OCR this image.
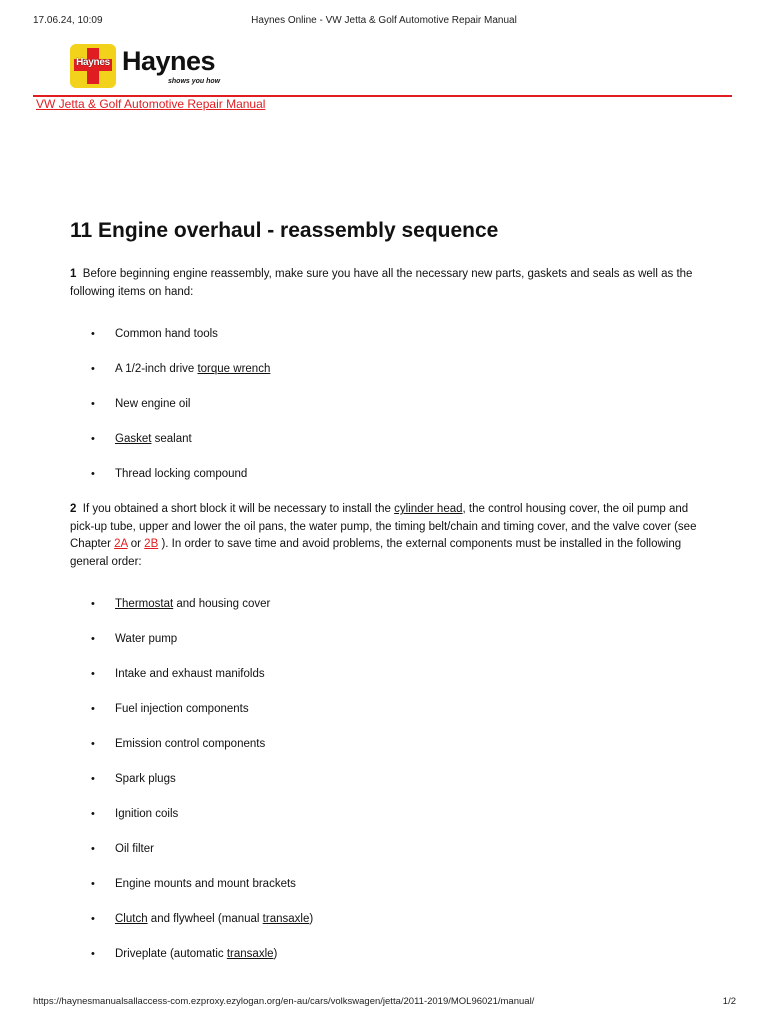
17.06.24, 10:09	Haynes Online - VW Jetta & Golf Automotive Repair Manual
Haynes Haynes
shows you how
VW Jetta & Golf Automotive Repair Manual
11 Engine overhaul - reassembly sequence

1 Before beginning engine reassembly, make sure you have all the necessary new parts, gaskets and seals as well as the following items on hand:

• Common hand tools
• A 1/2-inch drive torque wrench
• New engine oil
• Gasket sealant
• Thread locking compound

2 If you obtained a short block it will be necessary to install the cylinder head, the control housing cover, the oil pump and pick-up tube, upper and lower the oil pans, the water pump, the timing belt/chain and timing cover, and the valve cover (see Chapter 2A or 2B ). In order to save time and avoid problems, the external components must be installed in the following general order:

• Thermostat and housing cover
• Water pump
• Intake and exhaust manifolds
• Fuel injection components
• Emission control components
• Spark plugs
• Ignition coils
• Oil filter
• Engine mounts and mount brackets
• Clutch and flywheel (manual transaxle)
• Driveplate (automatic transaxle)
https://haynesmanualsallaccess-com.ezproxy.ezylogan.org/en-au/cars/volkswagen/jetta/2011-2019/MOL96021/manual/	1/2
